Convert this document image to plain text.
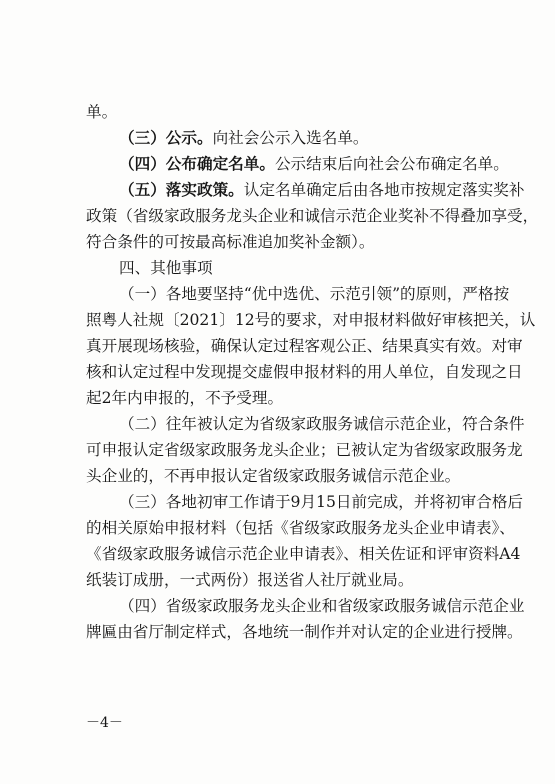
单。
（三）公示。向社会公示入选名单。
（四）公布确定名单。公示结束后向社会公布确定名单。
（五）落实政策。认定名单确定后由各地市按规定落实奖补
政策（省级家政服务龙头企业和诚信示范企业奖补不得叠加享受，
符合条件的可按最高标准追加奖补金额）。
四、其他事项
（一）各地要坚持“优中选优、示范引领”的原则，严格按
照粤人社规〔2021〕12号的要求，对申报材料做好审核把关，认
真开展现场核验，确保认定过程客观公正、结果真实有效。对审
核和认定过程中发现提交虚假申报材料的用人单位，自发现之日
起2年内申报的，不予受理。
（二）往年被认定为省级家政服务诚信示范企业，符合条件
可申报认定省级家政服务龙头企业；已被认定为省级家政服务龙
头企业的，不再申报认定省级家政服务诚信示范企业。
（三）各地初审工作请于9月15日前完成，并将初审合格后
的相关原始申报材料（包括《省级家政服务龙头企业申请表》、
《省级家政服务诚信示范企业申请表》、相关佐证和评审资料A4
纸装订成册，一式两份）报送省人社厅就业局。
（四）省级家政服务龙头企业和省级家政服务诚信示范企业
牌匾由省厅制定样式，各地统一制作并对认定的企业进行授牌。
－4－
